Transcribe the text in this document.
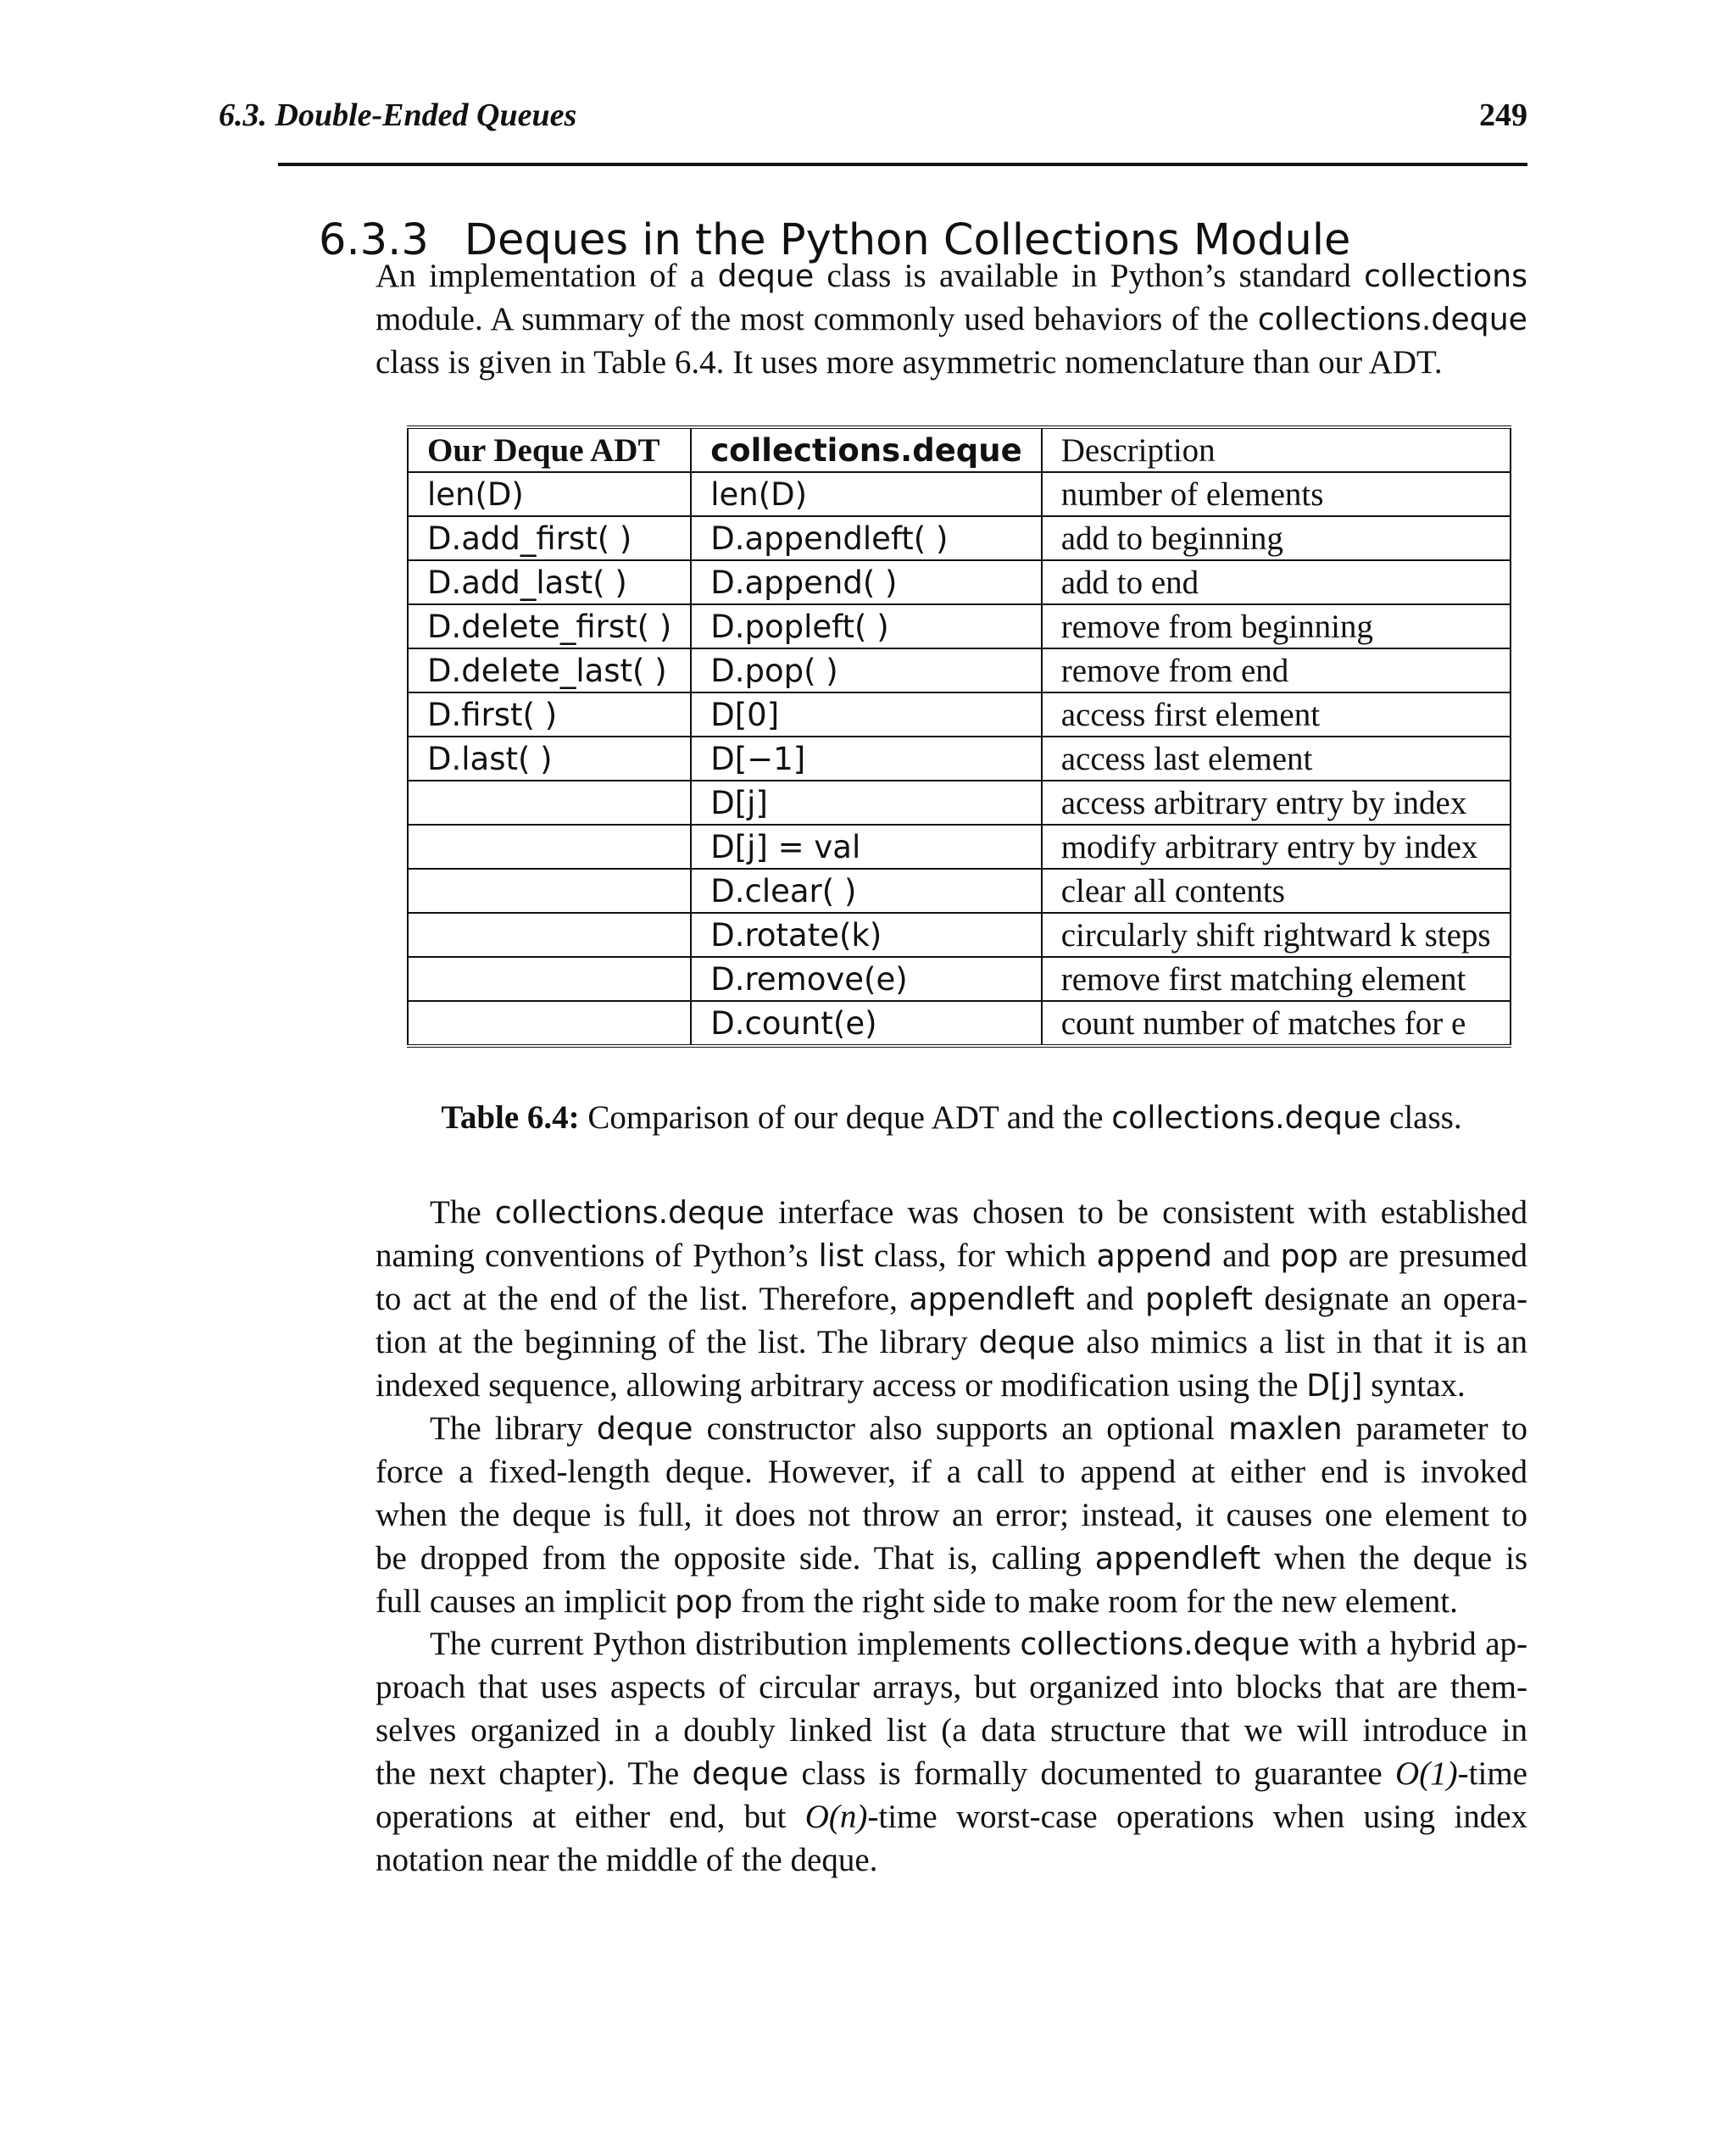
6.3. Double-Ended Queues	249
6.3.3 Deques in the Python Collections Module

An implementation of a deque class is available in Python’s standard collections
module. A summary of the most commonly used behaviors of the collections.deque
class is given in Table 6.4. It uses more asymmetric nomenclature than our ADT.

Our Deque ADT	collections.deque	Description
len(D)	len(D)	number of elements
D.add_first( )	D.appendleft( )	add to beginning
D.add_last( )	D.append( )	add to end
D.delete_first( )	D.popleft( )	remove from beginning
D.delete_last( )	D.pop( )	remove from end
D.first( )	D[0]	access first element
D.last( )	D[−1]	access last element
	D[j]	access arbitrary entry by index
	D[j] = val	modify arbitrary entry by index
	D.clear( )	clear all contents
	D.rotate(k)	circularly shift rightward k steps
	D.remove(e)	remove first matching element
	D.count(e)	count number of matches for e
Table 6.4: Comparison of our deque ADT and the collections.deque class.

The collections.deque interface was chosen to be consistent with established
naming conventions of Python’s list class, for which append and pop are presumed
to act at the end of the list. Therefore, appendleft and popleft designate an opera-
tion at the beginning of the list. The library deque also mimics a list in that it is an
indexed sequence, allowing arbitrary access or modification using the D[j] syntax.

The library deque constructor also supports an optional maxlen parameter to
force a fixed-length deque. However, if a call to append at either end is invoked
when the deque is full, it does not throw an error; instead, it causes one element to
be dropped from the opposite side. That is, calling appendleft when the deque is
full causes an implicit pop from the right side to make room for the new element.

The current Python distribution implements collections.deque with a hybrid ap-
proach that uses aspects of circular arrays, but organized into blocks that are them-
selves organized in a doubly linked list (a data structure that we will introduce in
the next chapter). The deque class is formally documented to guarantee O(1)-time
operations at either end, but O(n)-time worst-case operations when using index
notation near the middle of the deque.
